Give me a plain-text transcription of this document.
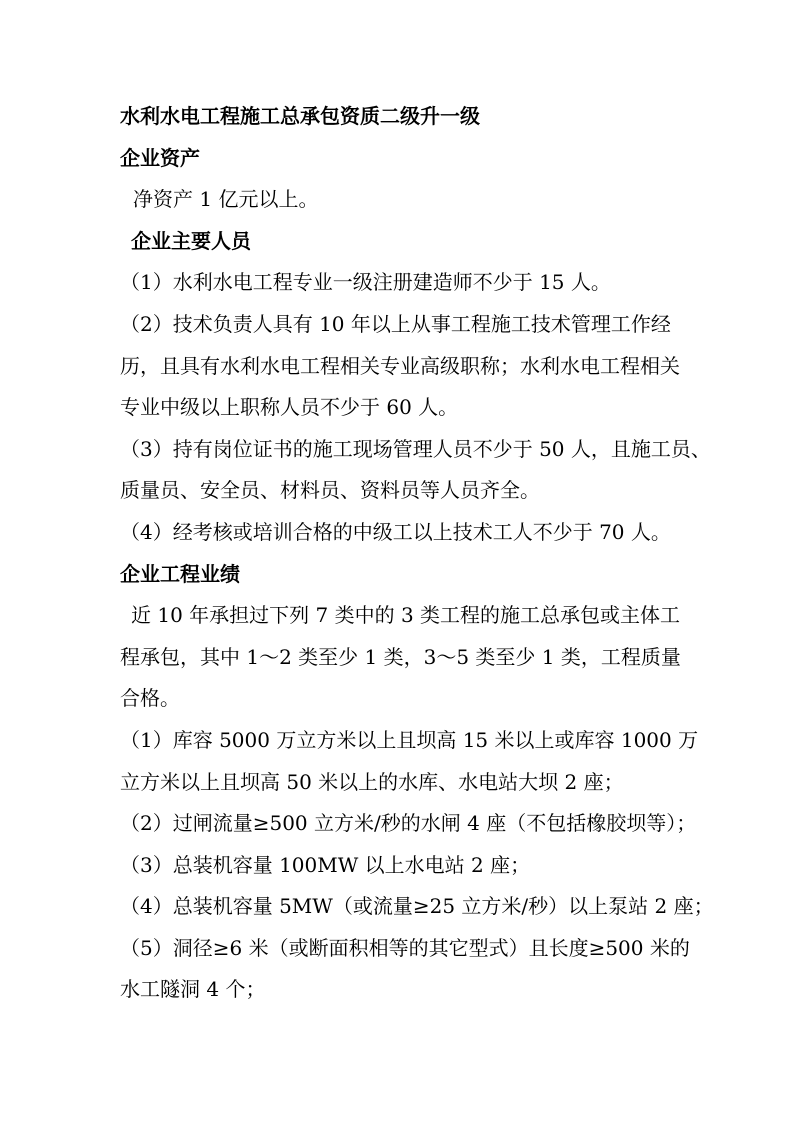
水利水电工程施工总承包资质二级升一级
企业资产
净资产 1 亿元以上。
企业主要人员
（1）水利水电工程专业一级注册建造师不少于 15 人。
（2）技术负责人具有 10 年以上从事工程施工技术管理工作经
历，且具有水利水电工程相关专业高级职称；水利水电工程相关
专业中级以上职称人员不少于 60 人。
（3）持有岗位证书的施工现场管理人员不少于 50 人，且施工员、
质量员、安全员、材料员、资料员等人员齐全。
（4）经考核或培训合格的中级工以上技术工人不少于 70 人。
企业工程业绩
近 10 年承担过下列 7 类中的 3 类工程的施工总承包或主体工
程承包，其中 1～2 类至少 1 类，3～5 类至少 1 类，工程质量
合格。
（1）库容 5000 万立方米以上且坝高 15 米以上或库容 1000 万
立方米以上且坝高 50 米以上的水库、水电站大坝 2 座；
（2）过闸流量≥500 立方米/秒的水闸 4 座（不包括橡胶坝等）；
（3）总装机容量 100MW 以上水电站 2 座；
（4）总装机容量 5MW（或流量≥25 立方米/秒）以上泵站 2 座；
（5）洞径≥6 米（或断面积相等的其它型式）且长度≥500 米的
水工隧洞 4 个；
